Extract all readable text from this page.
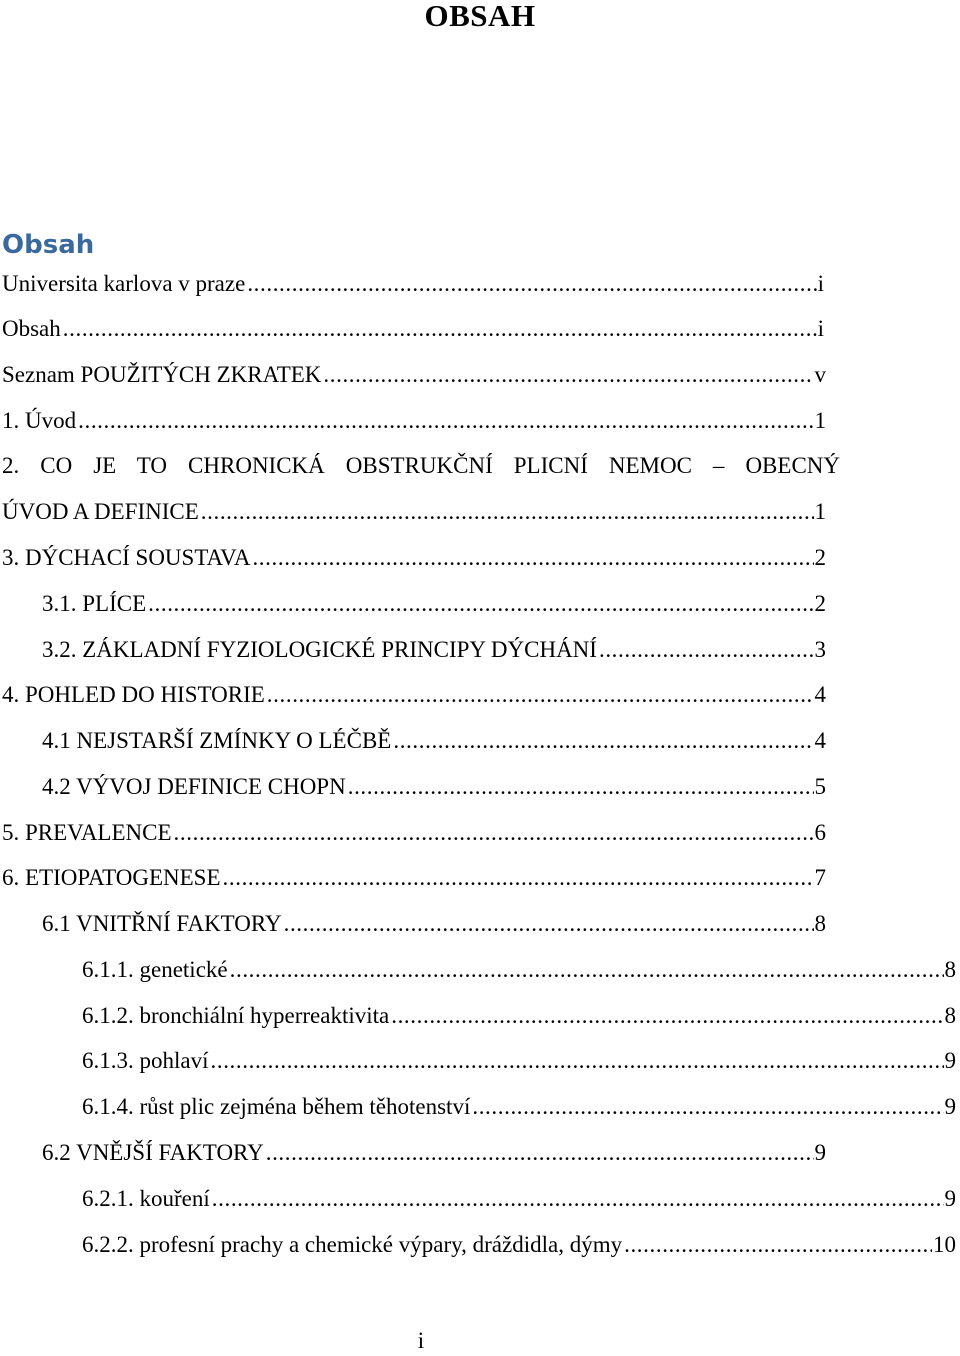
OBSAH
Obsah
Universita karlova v praze .....	i
Obsah .....	i
Seznam POUŽITÝCH ZKRATEK .....	v
1. Úvod .....	1
2. CO JE TO CHRONICKÁ OBSTRUKČNÍ PLICNÍ NEMOC – OBECNÝ
ÚVOD A DEFINICE .....	1
3. DÝCHACÍ SOUSTAVA .....	2
3.1. PLÍCE .....	2
3.2. ZÁKLADNÍ FYZIOLOGICKÉ PRINCIPY DÝCHÁNÍ .....	3
4. POHLED DO HISTORIE .....	4
4.1 NEJSTARŠÍ ZMÍNKY O LÉČBĚ .....	4
4.2 VÝVOJ DEFINICE CHOPN .....	5
5. PREVALENCE .....	6
6. ETIOPATOGENESE .....	7
6.1 VNITŘNÍ FAKTORY .....	8
6.1.1. genetické .....	8
6.1.2. bronchiální hyperreaktivita .....	8
6.1.3. pohlaví .....	9
6.1.4. růst plic zejména během těhotenství .....	9
6.2 VNĚJŠÍ FAKTORY .....	9
6.2.1. kouření .....	9
6.2.2. profesní prachy a chemické výpary, dráždidla, dýmy .....	10
i
